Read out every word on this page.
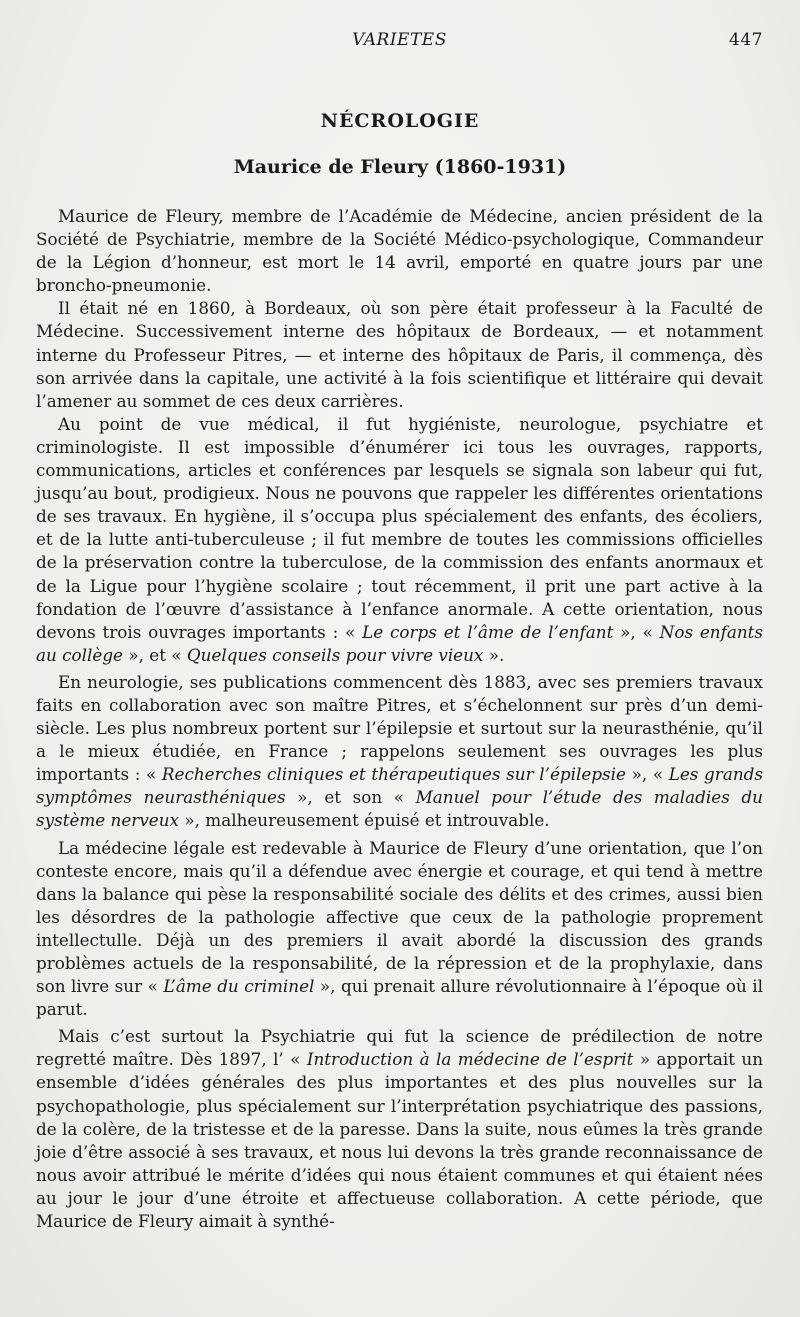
VARIETES	447
NÉCROLOGIE
Maurice de Fleury (1860-1931)

Maurice de Fleury, membre de l’Académie de Médecine, ancien président de la Société de Psychiatrie, membre de la Société Médico-psychologique, Commandeur de la Légion d’honneur, est mort le 14 avril, emporté en quatre jours par une broncho-pneumonie.

Il était né en 1860, à Bordeaux, où son père était professeur à la Faculté de Médecine. Successivement interne des hôpitaux de Bordeaux, — et notamment interne du Professeur Pitres, — et interne des hôpitaux de Paris, il commença, dès son arrivée dans la capitale, une activité à la fois scientifique et littéraire qui devait l’amener au sommet de ces deux carrières.

Au point de vue médical, il fut hygiéniste, neurologue, psychiatre et criminologiste. Il est impossible d’énumérer ici tous les ouvrages, rapports, communications, articles et conférences par lesquels se signala son labeur qui fut, jusqu’au bout, prodigieux. Nous ne pouvons que rappeler les différentes orientations de ses travaux. En hygiène, il s’occupa plus spécialement des enfants, des écoliers, et de la lutte anti-tuberculeuse ; il fut membre de toutes les commissions officielles de la préservation contre la tuberculose, de la commission des enfants anormaux et de la Ligue pour l’hygiène scolaire ; tout récemment, il prit une part active à la fondation de l’œuvre d’assistance à l’enfance anormale. A cette orientation, nous devons trois ouvrages importants : « Le corps et l’âme de l’enfant », « Nos enfants au collège », et « Quelques conseils pour vivre vieux ».

En neurologie, ses publications commencent dès 1883, avec ses premiers travaux faits en collaboration avec son maître Pitres, et s’échelonnent sur près d’un demi-siècle. Les plus nombreux portent sur l’épilepsie et surtout sur la neurasthénie, qu’il a le mieux étudiée, en France ; rappelons seulement ses ouvrages les plus importants : « Recherches cliniques et thérapeutiques sur l’épilepsie », « Les grands symptômes neurasthéniques », et son « Manuel pour l’étude des maladies du système nerveux », malheureusement épuisé et introuvable.

La médecine légale est redevable à Maurice de Fleury d’une orientation, que l’on conteste encore, mais qu’il a défendue avec énergie et courage, et qui tend à mettre dans la balance qui pèse la responsabilité sociale des délits et des crimes, aussi bien les désordres de la pathologie affective que ceux de la pathologie proprement intellectulle. Déjà un des premiers il avait abordé la discussion des grands problèmes actuels de la responsabilité, de la répression et de la prophylaxie, dans son livre sur « L’âme du criminel », qui prenait allure révolutionnaire à l’époque où il parut.

Mais c’est surtout la Psychiatrie qui fut la science de prédilection de notre regretté maître. Dès 1897, l’ « Introduction à la médecine de l’esprit » apportait un ensemble d’idées générales des plus importantes et des plus nouvelles sur la psychopathologie, plus spécialement sur l’interprétation psychiatrique des passions, de la colère, de la tristesse et de la paresse. Dans la suite, nous eûmes la très grande joie d’être associé à ses travaux, et nous lui devons la très grande reconnaissance de nous avoir attribué le mérite d’idées qui nous étaient communes et qui étaient nées au jour le jour d’une étroite et affectueuse collaboration. A cette période, que Maurice de Fleury aimait à synthé-
